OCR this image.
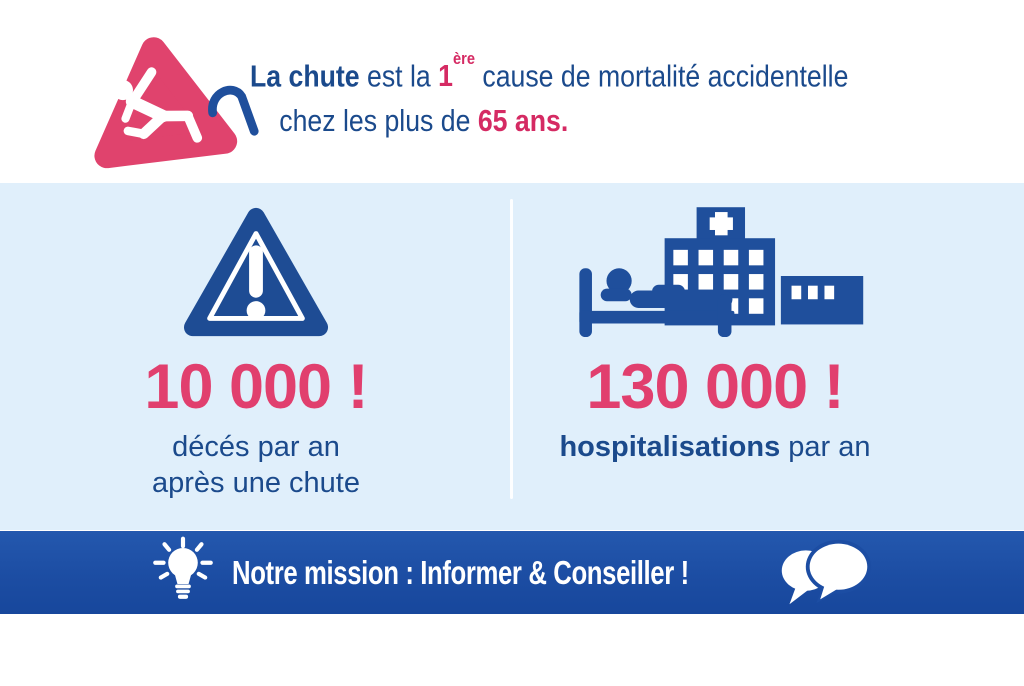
La chute est la 1ère cause de mortalité accidentelle
chez les plus de 65 ans.
10 000 !
décés par an
après une chute
130 000 !
hospitalisations par an
Notre mission : Informer & Conseiller !
